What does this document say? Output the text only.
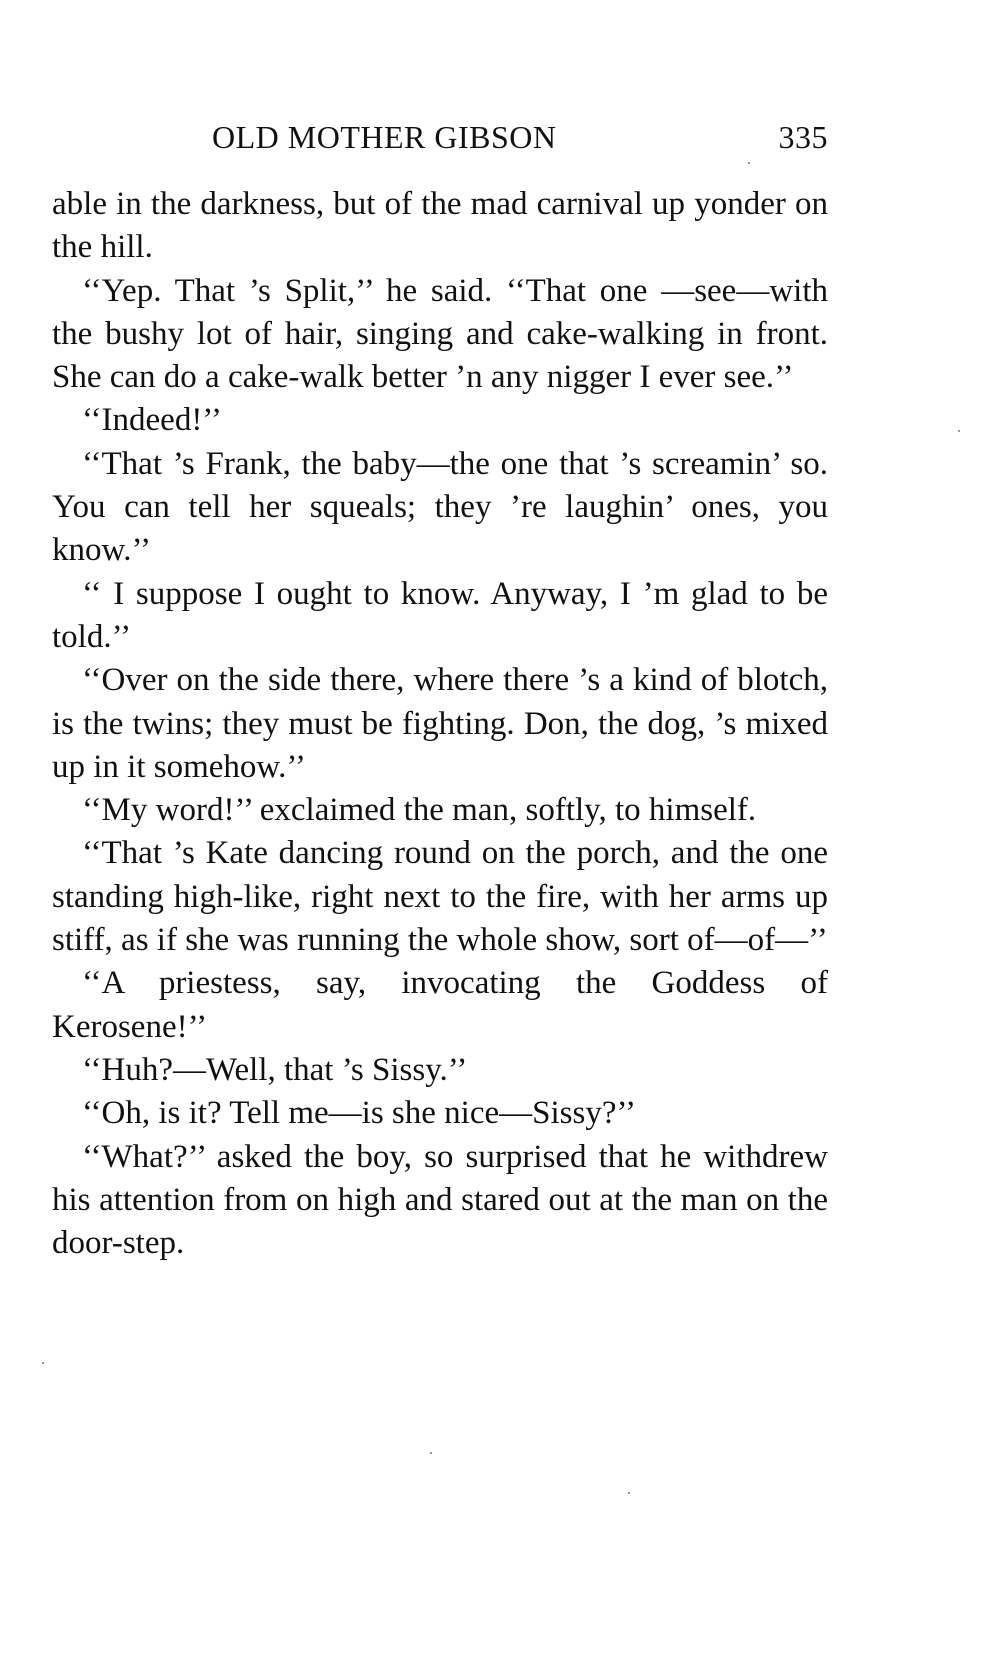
OLD MOTHER GIBSON	335

able in the darkness, but of the mad carnival up yonder on the hill.

‘‘Yep. That ’s Split,’’ he said. ‘‘That one —see—with the bushy lot of hair, singing and cake-walking in front. She can do a cake-walk better ’n any nigger I ever see.’’

‘‘Indeed!’’

‘‘That ’s Frank, the baby—the one that ’s screamin’ so. You can tell her squeals; they ’re laughin’ ones, you know.’’

‘‘ I suppose I ought to know. Anyway, I ’m glad to be told.’’

‘‘Over on the side there, where there ’s a kind of blotch, is the twins; they must be fighting. Don, the dog, ’s mixed up in it somehow.’’

‘‘My word!’’ exclaimed the man, softly, to himself.

‘‘That ’s Kate dancing round on the porch, and the one standing high-like, right next to the fire, with her arms up stiff, as if she was running the whole show, sort of—of—’’

‘‘A priestess, say, invocating the Goddess of Kerosene!’’

‘‘Huh?—Well, that ’s Sissy.’’

‘‘Oh, is it? Tell me—is she nice—Sissy?’’

‘‘What?’’ asked the boy, so surprised that he withdrew his attention from on high and stared out at the man on the door-step.
